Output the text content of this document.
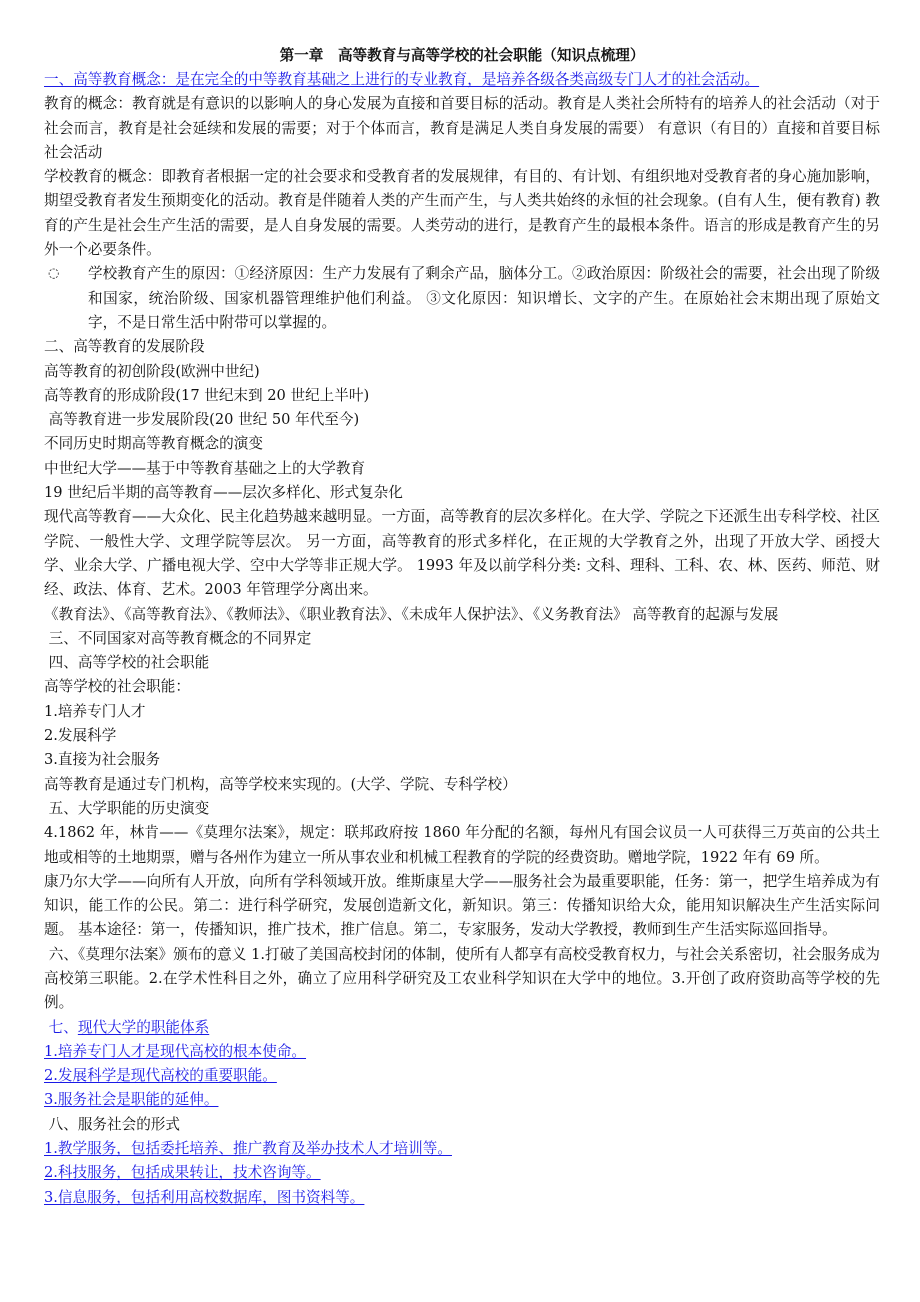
第一章　高等教育与高等学校的社会职能（知识点梳理）

一、高等教育概念：是在完全的中等教育基础之上进行的专业教育，是培养各级各类高级专门人才的社会活动。

教育的概念：教育就是有意识的以影响人的身心发展为直接和首要目标的活动。教育是人类社会所特有的培养人的社会活动（对于社会而言，教育是社会延续和发展的需要；对于个体而言，教育是满足人类自身发展的需要） 有意识（有目的）直接和首要目标 社会活动

学校教育的概念：即教育者根据一定的社会要求和受教育者的发展规律，有目的、有计划、有组织地对受教育者的身心施加影响，期望受教育者发生预期变化的活动。教育是伴随着人类的产生而产生，与人类共始终的永恒的社会现象。(自有人生，便有教育) 教育的产生是社会生产生活的需要，是人自身发展的需要。人类劳动的进行，是教育产生的最根本条件。语言的形成是教育产生的另外一个必要条件。

◌	学校教育产生的原因：①经济原因：生产力发展有了剩余产品，脑体分工。②政治原因：阶级社会的需要，社会出现了阶级和国家，统治阶级、国家机器管理维护他们利益。 ③文化原因：知识增长、文字的产生。在原始社会末期出现了原始文字，不是日常生活中附带可以掌握的。

二、高等教育的发展阶段

高等教育的初创阶段(欧洲中世纪)

高等教育的形成阶段(17 世纪末到 20 世纪上半叶)

高等教育进一步发展阶段(20 世纪 50 年代至今)

不同历史时期高等教育概念的演变

中世纪大学——基于中等教育基础之上的大学教育

19 世纪后半期的高等教育——层次多样化、形式复杂化

现代高等教育——大众化、民主化趋势越来越明显。一方面，高等教育的层次多样化。在大学、学院之下还派生出专科学校、社区学院、一般性大学、文理学院等层次。 另一方面，高等教育的形式多样化，在正规的大学教育之外，出现了开放大学、函授大学、业余大学、广播电视大学、空中大学等非正规大学。 1993 年及以前学科分类: 文科、理科、工科、农、林、医药、师范、财经、政法、体育、艺术。2003 年管理学分离出来。

《教育法》、《高等教育法》、《教师法》、《职业教育法》、《未成年人保护法》、《义务教育法》 高等教育的起源与发展

三、不同国家对高等教育概念的不同界定

四、高等学校的社会职能

高等学校的社会职能：

1.培养专门人才

2.发展科学

3.直接为社会服务

高等教育是通过专门机构，高等学校来实现的。(大学、学院、专科学校）

五、大学职能的历史演变

4.1862 年，林肯——《莫理尔法案》，规定：联邦政府按 1860 年分配的名额，每州凡有国会议员一人可获得三万英亩的公共土地或相等的土地期票，赠与各州作为建立一所从事农业和机械工程教育的学院的经费资助。赠地学院，1922 年有 69 所。

康乃尔大学——向所有人开放，向所有学科领域开放。维斯康星大学——服务社会为最重要职能，任务：第一，把学生培养成为有知识，能工作的公民。第二：进行科学研究，发展创造新文化，新知识。第三：传播知识给大众，能用知识解决生产生活实际问题。 基本途径：第一，传播知识，推广技术，推广信息。第二，专家服务，发动大学教授，教师到生产生活实际巡回指导。

六、《莫理尔法案》颁布的意义 1.打破了美国高校封闭的体制，使所有人都享有高校受教育权力，与社会关系密切，社会服务成为高校第三职能。2.在学术性科目之外，确立了应用科学研究及工农业科学知识在大学中的地位。3.开创了政府资助高等学校的先例。

七、现代大学的职能体系

1.培养专门人才是现代高校的根本使命。

2.发展科学是现代高校的重要职能。

3.服务社会是职能的延伸。

八、服务社会的形式

1.教学服务，包括委托培养、推广教育及举办技术人才培训等。

2.科技服务，包括成果转让，技术咨询等。

3.信息服务，包括利用高校数据库，图书资料等。
